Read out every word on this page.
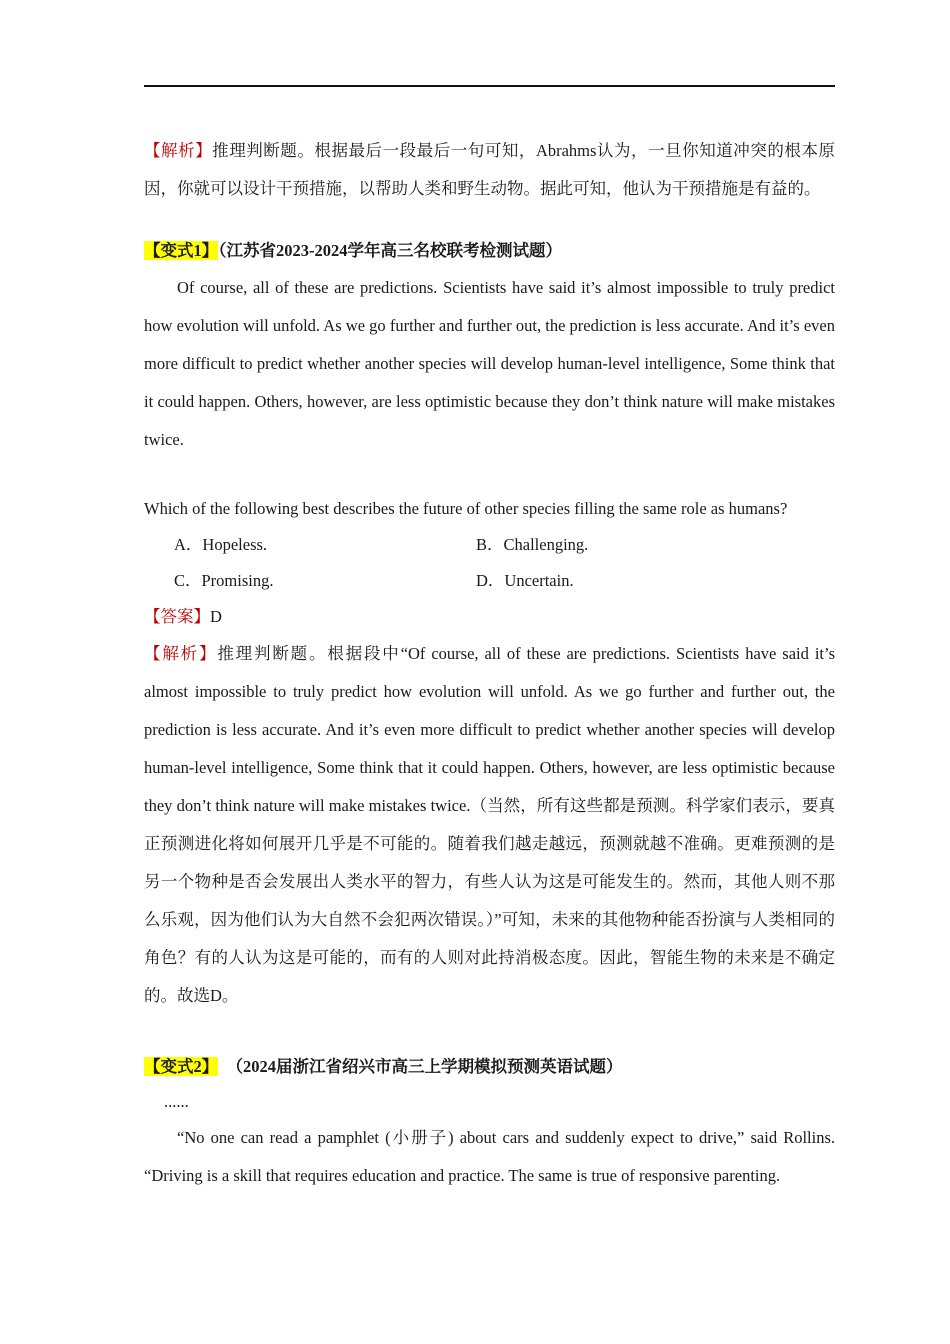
【解析】推理判断题。根据最后一段最后一句可知，Abrahms认为，一旦你知道冲突的根本原因，你就可以设计干预措施，以帮助人类和野生动物。据此可知，他认为干预措施是有益的。

【变式1】（江苏省2023-2024学年高三名校联考检测试题）

Of course, all of these are predictions. Scientists have said it’s almost impossible to truly predict how evolution will unfold. As we go further and further out, the prediction is less accurate. And it’s even more difficult to predict whether another species will develop human-level intelligence, Some think that it could happen. Others, however, are less optimistic because they don’t think nature will make mistakes twice.

Which of the following best describes the future of other species filling the same role as humans?

A．Hopeless.	B．Challenging.
C．Promising.	D．Uncertain.

【答案】D

【解析】推理判断题。根据段中“Of course, all of these are predictions. Scientists have said it’s almost impossible to truly predict how evolution will unfold. As we go further and further out, the prediction is less accurate. And it’s even more difficult to predict whether another species will develop human-level intelligence, Some think that it could happen. Others, however, are less optimistic because they don’t think nature will make mistakes twice.（当然，所有这些都是预测。科学家们表示，要真正预测进化将如何展开几乎是不可能的。随着我们越走越远，预测就越不准确。更难预测的是另一个物种是否会发展出人类水平的智力，有些人认为这是可能发生的。然而，其他人则不那么乐观，因为他们认为大自然不会犯两次错误。）”可知，未来的其他物种能否扮演与人类相同的角色？有的人认为这是可能的，而有的人则对此持消极态度。因此，智能生物的未来是不确定的。故选D。

【变式2】  （2024届浙江省绍兴市高三上学期模拟预测英语试题）

......

“No one can read a pamphlet (小册子) about cars and suddenly expect to drive,” said Rollins. “Driving is a skill that requires education and practice. The same is true of responsive parenting.
